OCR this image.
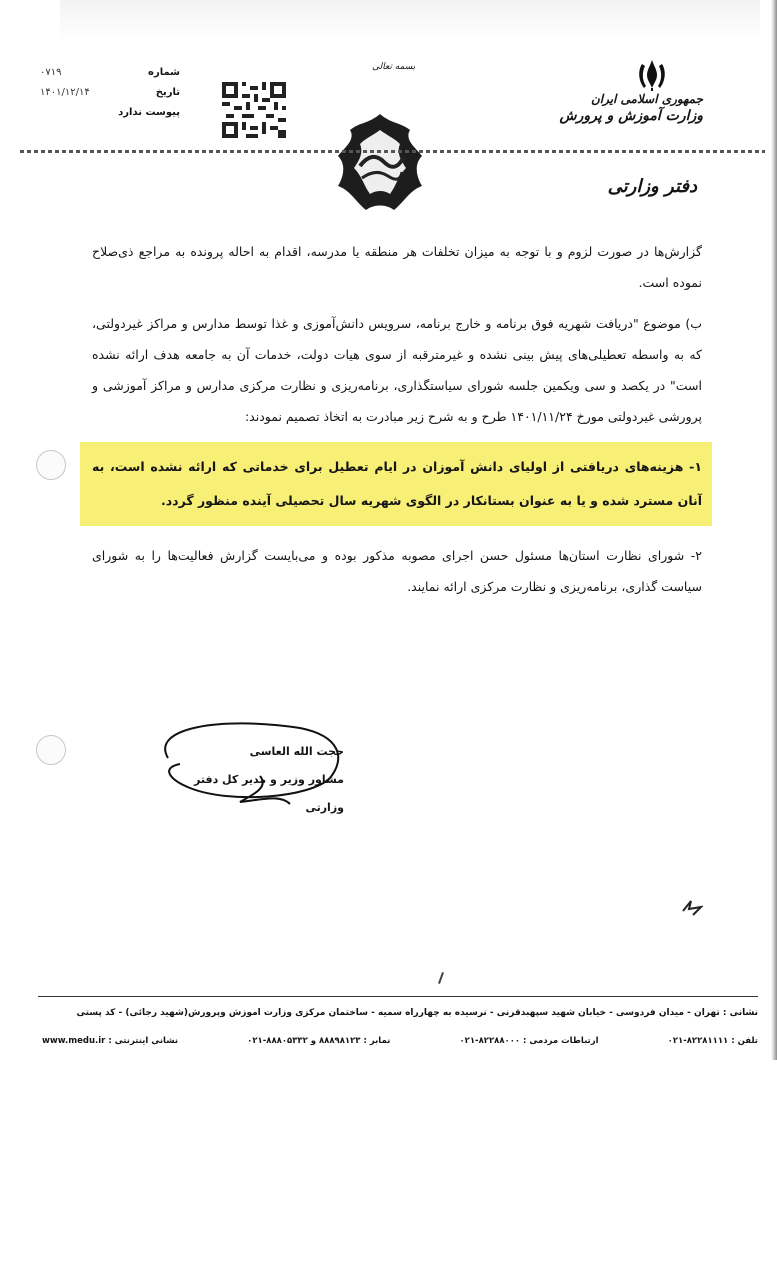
شماره
۰۷۱۹
تاریخ
۱۴۰۱/۱۲/۱۴
پیوست ندارد
بسمه تعالی
جمهوری اسلامی ایران
وزارت آموزش و پرورش
دفتر وزارتی

گزارش‌ها در صورت لزوم و با توجه به میزان تخلفات هر منطقه یا مدرسه، اقدام به احاله پرونده به مراجع ذی‌صلاح نموده است.

ب) موضوع "دریافت شهریه فوق برنامه و خارج برنامه، سرویس دانش‌آموزی و غذا توسط مدارس و مراکز غیردولتی، که به واسطه تعطیلی‌های پیش بینی نشده و غیرمترقبه از سوی هیات دولت، خدمات آن به جامعه هدف ارائه نشده است" در یکصد و سی ویکمین جلسه شورای سیاستگذاری، برنامه‌ریزی و نظارت مرکزی مدارس و مراکز آموزشی و پرورشی غیردولتی مورخ ۱۴۰۱/۱۱/۲۴ طرح و به شرح زیر مبادرت به اتخاذ تصمیم نمودند:

۱- هزینه‌های دریافتی از اولیای دانش آموزان در ایام تعطیل برای خدماتی که ارائه نشده است، به آنان مسترد شده و یا به عنوان بستانکار در الگوی شهریه سال تحصیلی آینده منظور گردد.

۲- شورای نظارت استان‌ها مسئول حسن اجرای مصوبه مذکور بوده و می‌بایست گزارش فعالیت‌ها را به شورای سیاست گذاری، برنامه‌ریزی و نظارت مرکزی ارائه نمایند.

حجت الله العاسی
مشاور وزیر و مدیر کل دفتر وزارتی
نشانی : تهران - میدان فردوسی - خیابان شهید سپهبدقرنی - نرسیده به چهارراه سمیه - ساختمان مرکزی وزارت آموزش وپرورش(شهید رجائی) - کد پستی
تلفن : ۸۲۲۸۱۱۱۱-۰۲۱
ارتباطات مردمی : ۸۲۲۸۸۰۰۰-۰۲۱
نمابر : ۸۸۸۹۸۱۲۳ و ۸۸۸۰۵۳۳۲-۰۲۱
نشانی اینترنتی : www.medu.ir
